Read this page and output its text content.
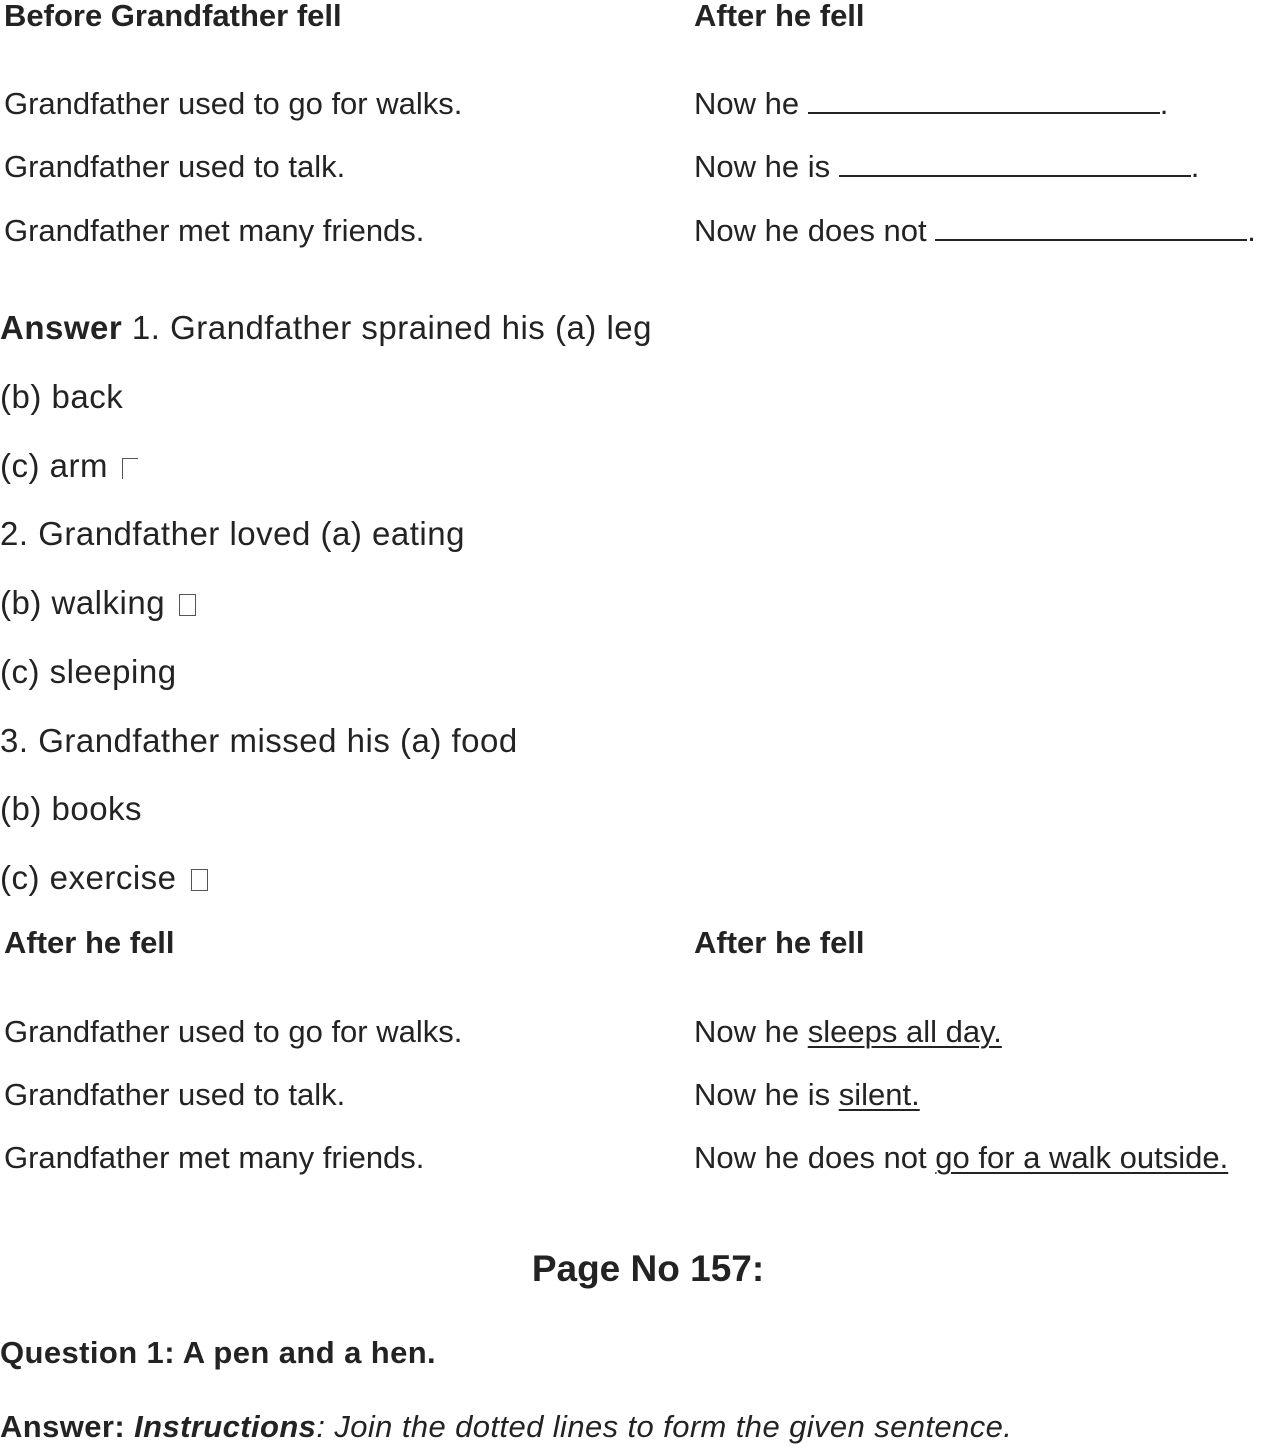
Before Grandfather fell	After he fell
Grandfather used to go for walks.	Now he	.
Grandfather used to talk.	Now he is	.
Grandfather met many friends.	Now he does not	.
Answer 1. Grandfather sprained his (a) leg
(b) back
(c) arm
2. Grandfather loved (a) eating
(b) walking
(c) sleeping
3. Grandfather missed his (a) food
(b) books
(c) exercise
After he fell	After he fell
Grandfather used to go for walks.	Now he sleeps all day.
Grandfather used to talk.	Now he is silent.
Grandfather met many friends.	Now he does not go for a walk outside.
Page No 157:
Question 1: A pen and a hen.
Answer: Instructions: Join the dotted lines to form the given sentence.
